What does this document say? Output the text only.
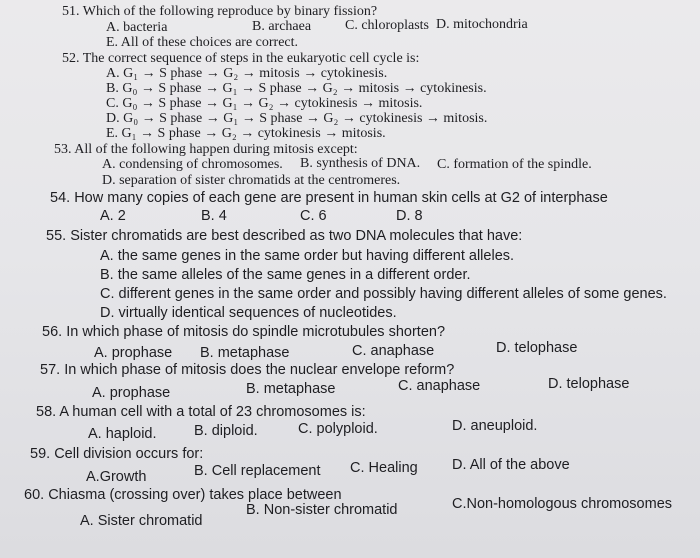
51. Which of the following reproduce by binary fission?
A. bacteria	B. archaea C. chloroplasts D. mitochondria
E. All of these choices are correct.
52. The correct sequence of steps in the eukaryotic cell cycle is:
A. G₁ → S phase → G₂ → mitosis → cytokinesis.
B. G₀ → S phase → G₁ → S phase → G₂ → mitosis → cytokinesis.
C. G₀ → S phase → G₁ → G₂ → cytokinesis → mitosis.
D. G₀ → S phase → G₁ → S phase → G₂ → cytokinesis → mitosis.
E. G₁ → S phase → G₂ → cytokinesis → mitosis.
53. All of the following happen during mitosis except:
A. condensing of chromosomes. B. synthesis of DNA. C. formation of the spindle.
D. separation of sister chromatids at the centromeres.
54. How many copies of each gene are present in human skin cells at G2 of interphase
A. 2	B. 4	C. 6	D. 8
55. Sister chromatids are best described as two DNA molecules that have:
A. the same genes in the same order but having different alleles.
B. the same alleles of the same genes in a different order.
C. different genes in the same order and possibly having different alleles of some genes.
D. virtually identical sequences of nucleotides.
56. In which phase of mitosis do spindle microtubules shorten?
A. prophase B. metaphase	C. anaphase	D. telophase
57. In which phase of mitosis does the nuclear envelope reform?
A. prophase	B. metaphase	C. anaphase	D. telophase
58. A human cell with a total of 23 chromosomes is:
A. haploid.	B. diploid.	C. polyploid.	D. aneuploid.
59. Cell division occurs for:
A.Growth	B. Cell replacement C. Healing D. All of the above
60. Chiasma (crossing over) takes place between
A. Sister chromatid
B. Non-sister chromatid	C.Non-homologous chromosomes
